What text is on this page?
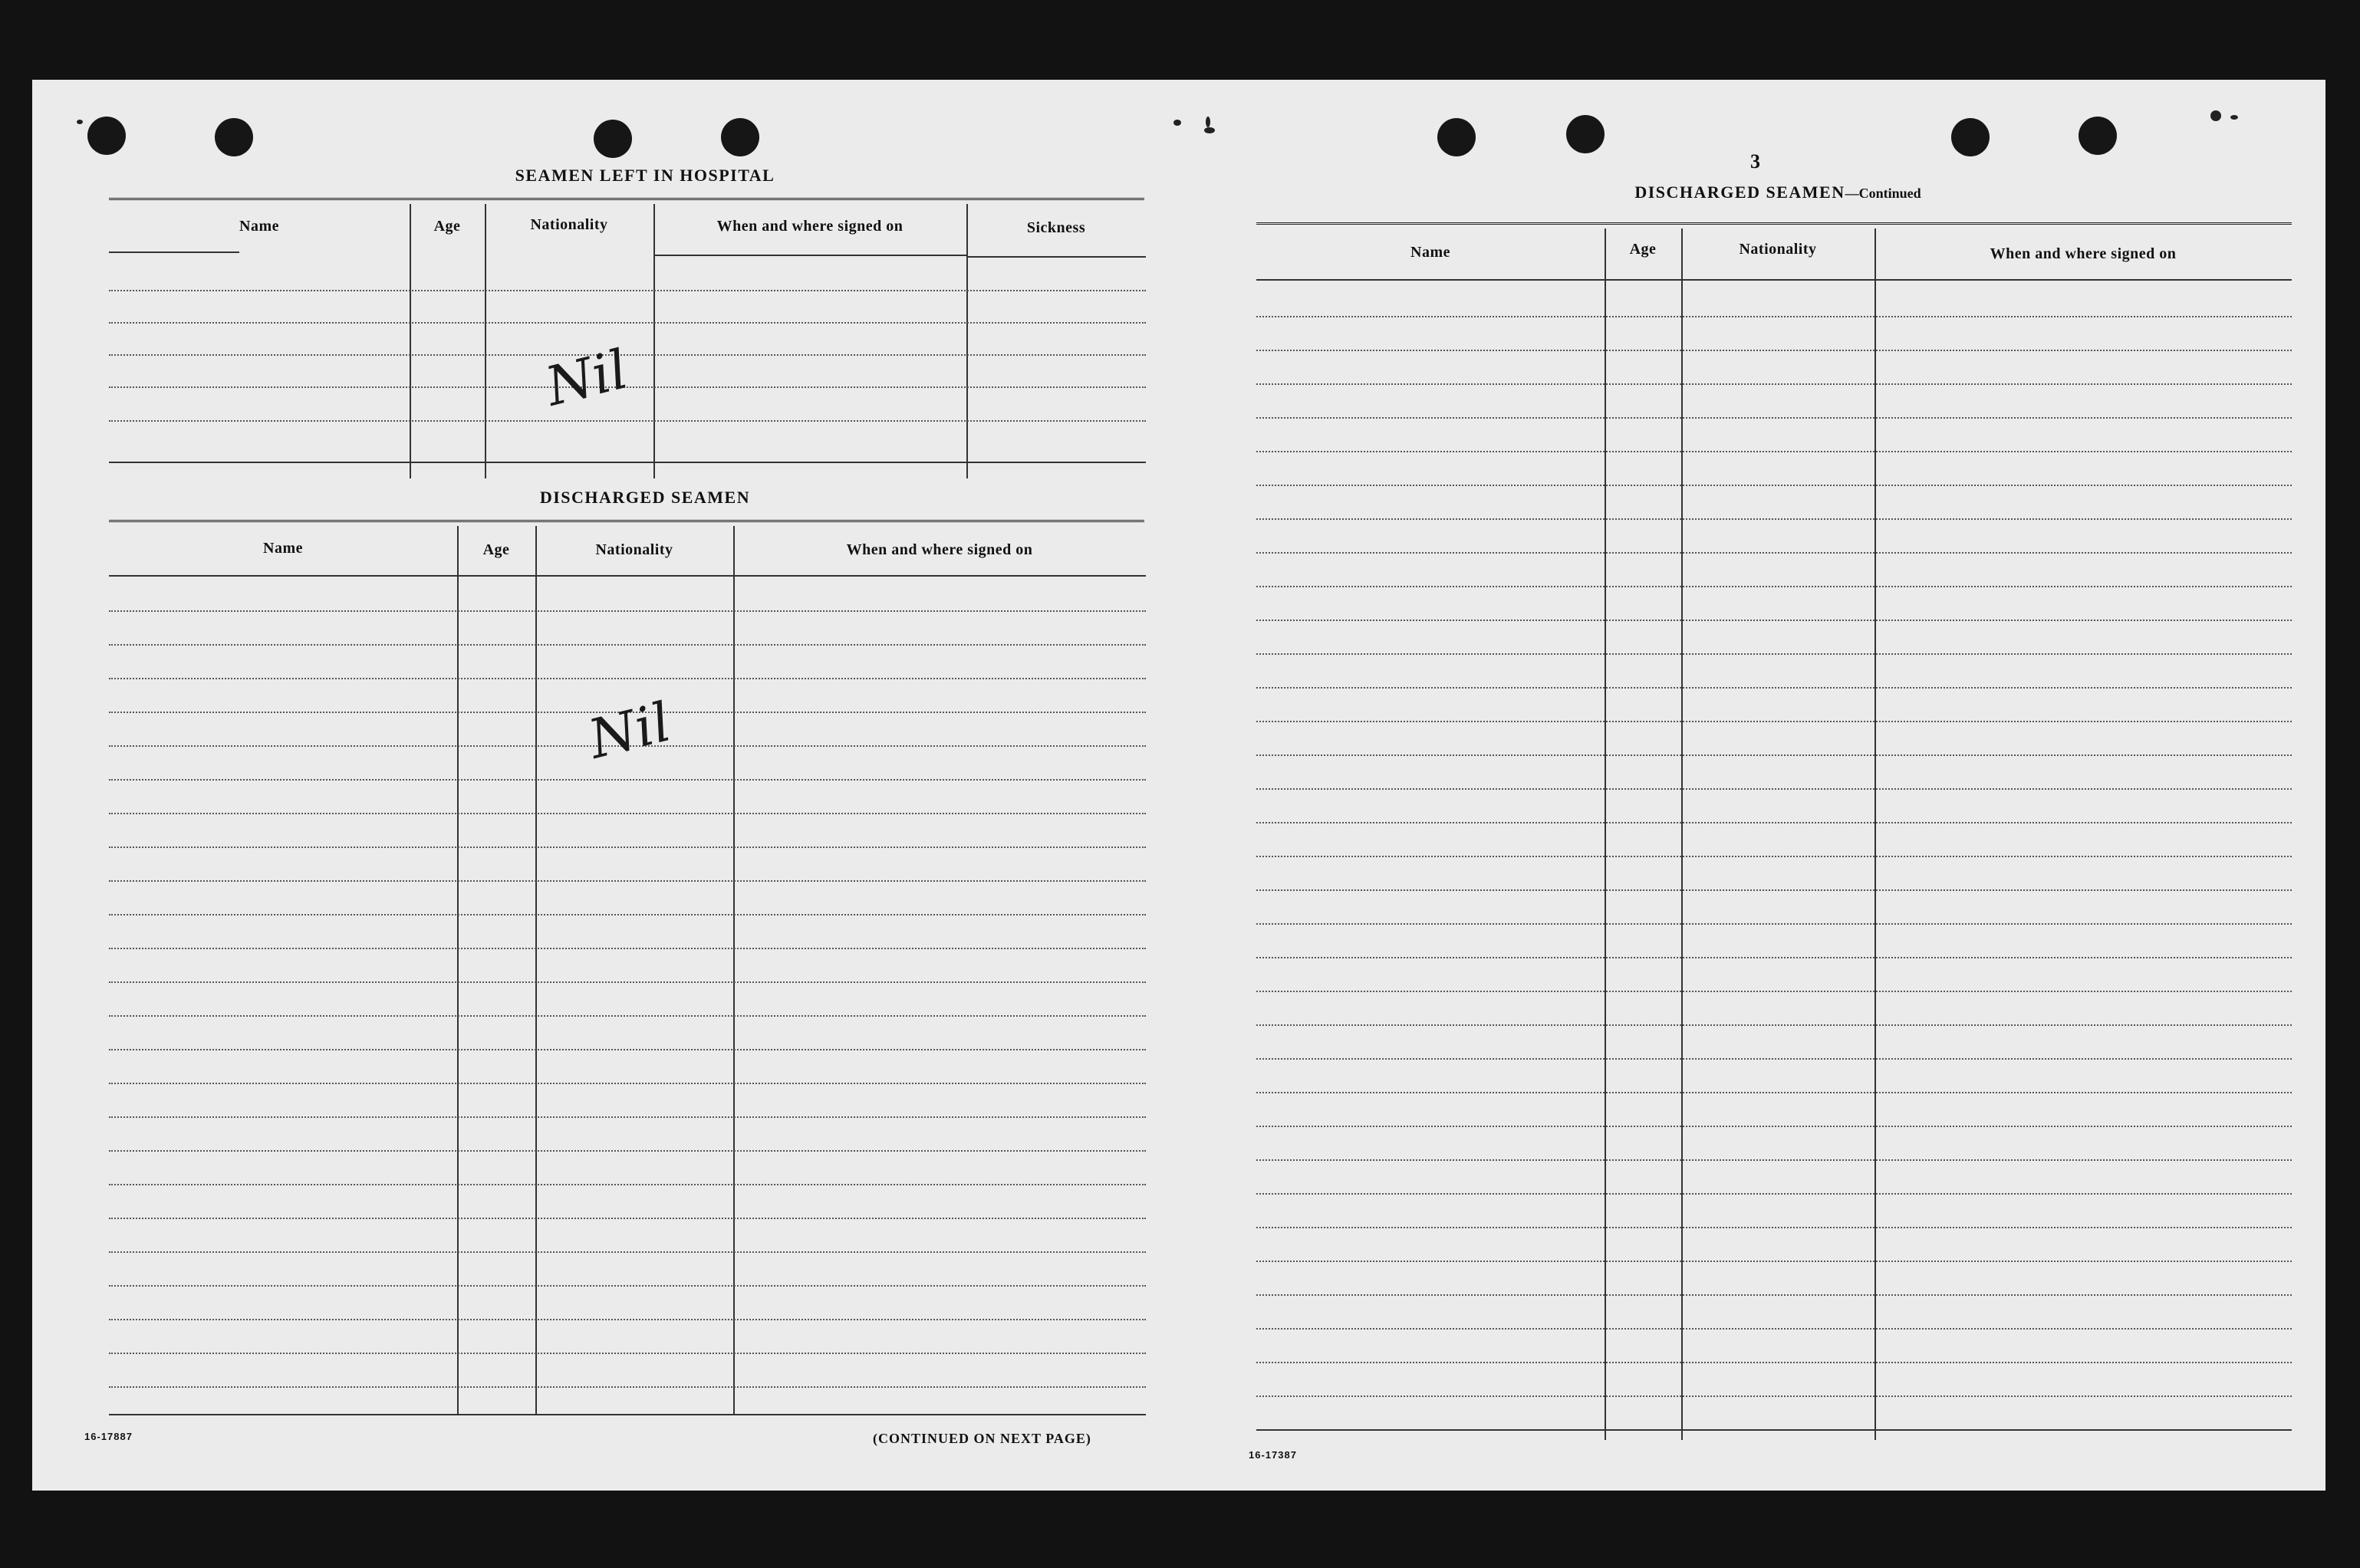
SEAMEN LEFT IN HOSPITAL
Name	Age	Nationality	When and where signed on	Sickness
Nil
DISCHARGED SEAMEN
Name	Age	Nationality	When and where signed on
Nil
16-17887	(CONTINUED ON NEXT PAGE)
3
DISCHARGED SEAMEN—Continued
Name	Age	Nationality	When and where signed on
16-17387
